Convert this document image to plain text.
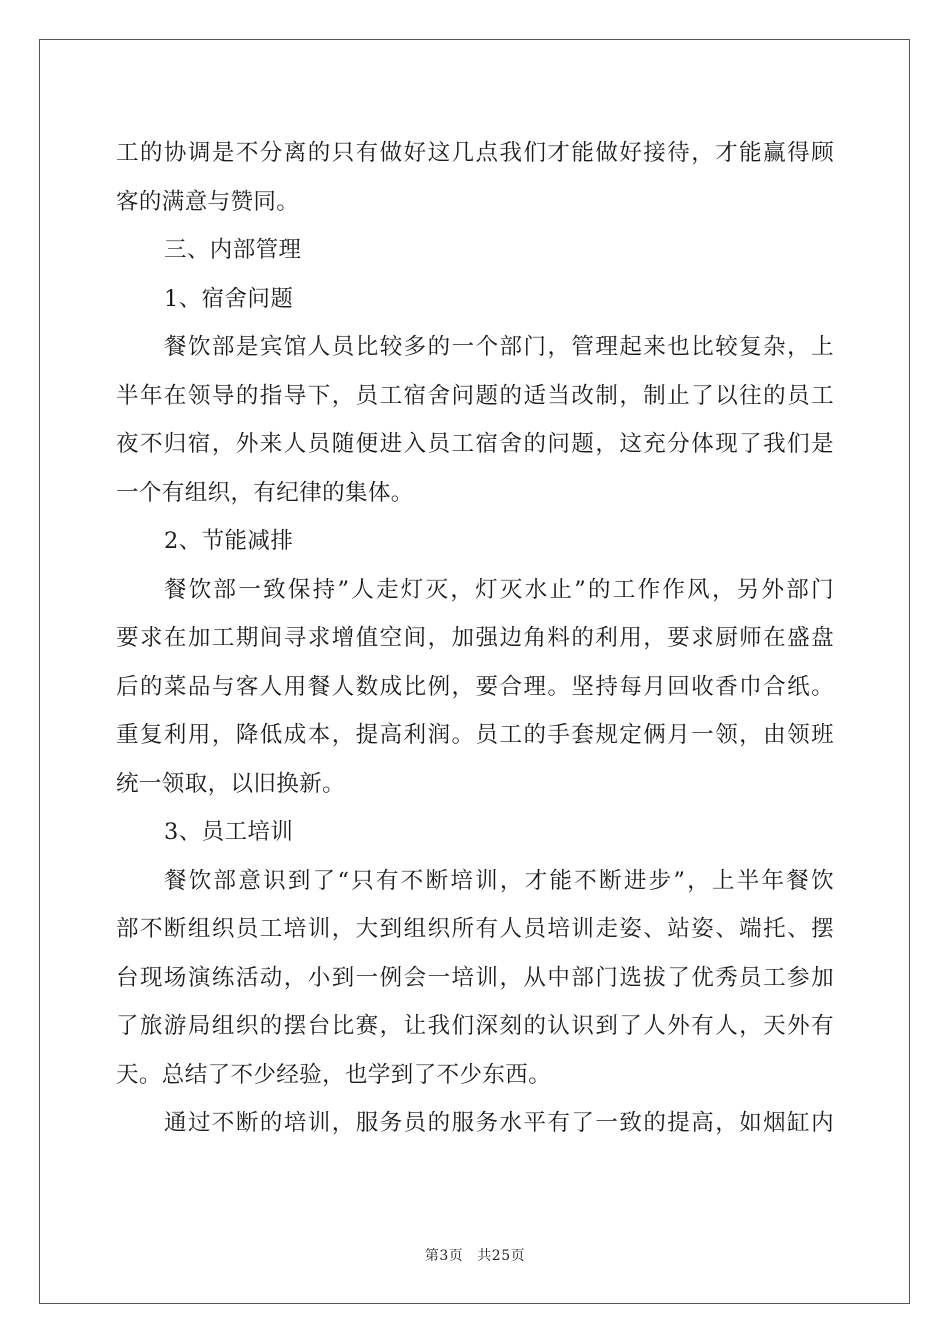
工的协调是不分离的只有做好这几点我们才能做好接待，才能赢得顾
客的满意与赞同。
三、内部管理
1、宿舍问题
餐饮部是宾馆人员比较多的一个部门，管理起来也比较复杂，上
半年在领导的指导下，员工宿舍问题的适当改制，制止了以往的员工
夜不归宿，外来人员随便进入员工宿舍的问题，这充分体现了我们是
一个有组织，有纪律的集体。
2、节能减排
餐饮部一致保持”人走灯灭，灯灭水止”的工作作风，另外部门
要求在加工期间寻求增值空间，加强边角料的利用，要求厨师在盛盘
后的菜品与客人用餐人数成比例，要合理。坚持每月回收香巾合纸。
重复利用，降低成本，提高利润。员工的手套规定俩月一领，由领班
统一领取，以旧换新。
3、员工培训
餐饮部意识到了“只有不断培训，才能不断进步”，上半年餐饮
部不断组织员工培训，大到组织所有人员培训走姿、站姿、端托、摆
台现场演练活动，小到一例会一培训，从中部门选拔了优秀员工参加
了旅游局组织的摆台比赛，让我们深刻的认识到了人外有人，天外有
天。总结了不少经验，也学到了不少东西。
通过不断的培训，服务员的服务水平有了一致的提高，如烟缸内
第3页 共25页
